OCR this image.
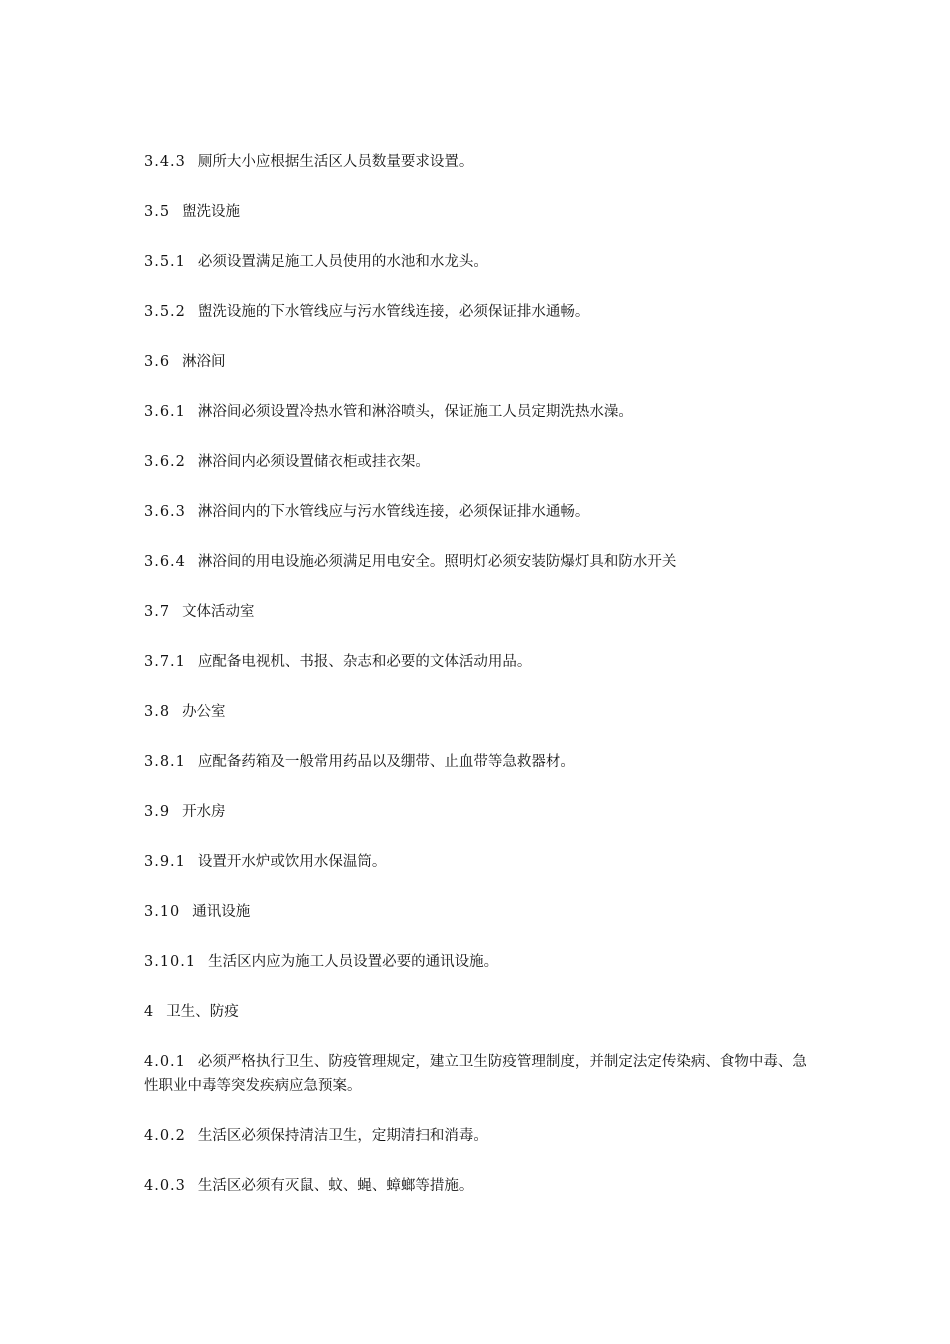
3.4.3 厕所大小应根据生活区人员数量要求设置。

3.5 盥洗设施

3.5.1 必须设置满足施工人员使用的水池和水龙头。

3.5.2 盥洗设施的下水管线应与污水管线连接，必须保证排水通畅。

3.6 淋浴间

3.6.1 淋浴间必须设置冷热水管和淋浴喷头，保证施工人员定期洗热水澡。

3.6.2 淋浴间内必须设置储衣柜或挂衣架。

3.6.3 淋浴间内的下水管线应与污水管线连接，必须保证排水通畅。

3.6.4 淋浴间的用电设施必须满足用电安全。照明灯必须安装防爆灯具和防水开关

3.7 文体活动室

3.7.1 应配备电视机、书报、杂志和必要的文体活动用品。

3.8 办公室

3.8.1 应配备药箱及一般常用药品以及绷带、止血带等急救器材。

3.9 开水房

3.9.1 设置开水炉或饮用水保温筒。

3.10 通讯设施

3.10.1 生活区内应为施工人员设置必要的通讯设施。

4 卫生、防疫

4.0.1 必须严格执行卫生、防疫管理规定，建立卫生防疫管理制度，并制定法定传染病、食物中毒、急性职业中毒等突发疾病应急预案。

4.0.2 生活区必须保持清洁卫生，定期清扫和消毒。

4.0.3 生活区必须有灭鼠、蚊、蝇、蟑螂等措施。
